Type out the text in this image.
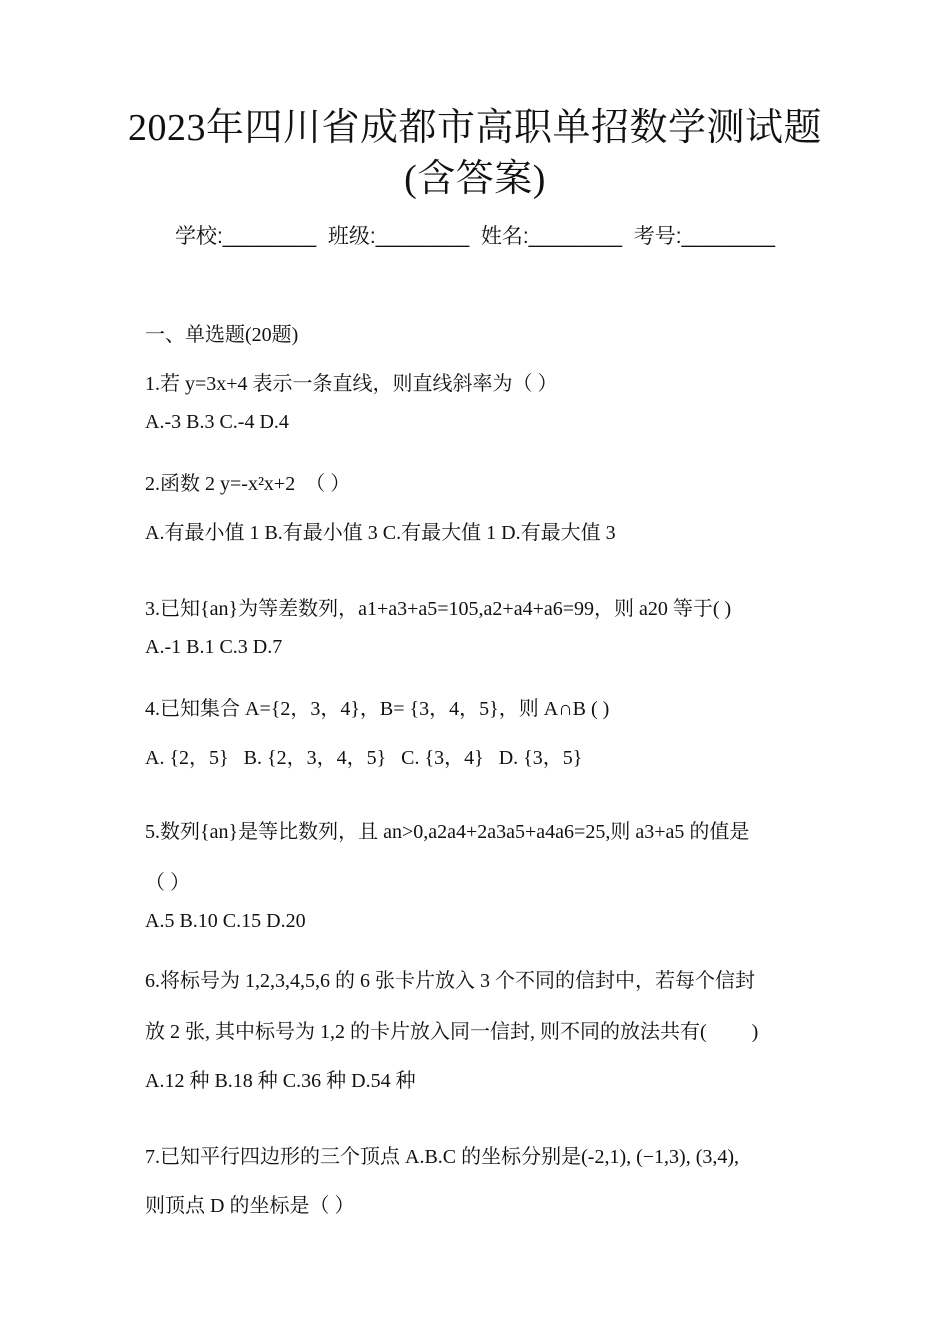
2023年四川省成都市高职单招数学测试题
(含答案)
学校:________  班级:________  姓名:________  考号:________
一、单选题(20题)
1.若 y=3x+4 表示一条直线，则直线斜率为（ ）
A.-3 B.3 C.-4 D.4
2.函数 2 y=-x²x+2  （ ）
A.有最小值 1 B.有最小值 3 C.有最大值 1 D.有最大值 3
3.已知{an}为等差数列，a1+a3+a5=105,a2+a4+a6=99，则 a20 等于( )
A.-1 B.1 C.3 D.7
4.已知集合 A={2，3，4}，B= {3，4，5}，则 A∩B ( )
A. {2，5}   B. {2，3，4，5}   C. {3，4}   D. {3，5}
5.数列{an}是等比数列，且 an>0,a2a4+2a3a5+a4a6=25,则 a3+a5 的值是
（ ）
A.5 B.10 C.15 D.20
6.将标号为 1,2,3,4,5,6 的 6 张卡片放入 3 个不同的信封中，若每个信封
放 2 张, 其中标号为 1,2 的卡片放入同一信封, 则不同的放法共有(         )
A.12 种 B.18 种 C.36 种 D.54 种
7.已知平行四边形的三个顶点 A.B.C 的坐标分别是(-2,1), (−1,3), (3,4),
则顶点 D 的坐标是（ ）
